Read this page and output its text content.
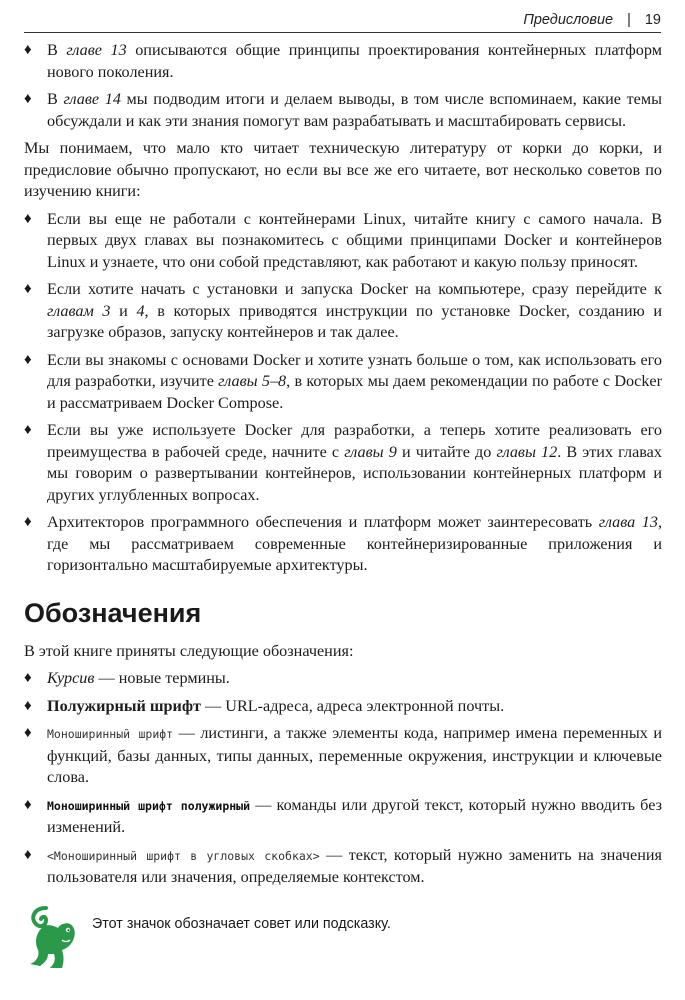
Предисловие | 19
♦ В главе 13 описываются общие принципы проектирования контейнерных платформ нового поколения.
♦ В главе 14 мы подводим итоги и делаем выводы, в том числе вспоминаем, какие темы обсуждали и как эти знания помогут вам разрабатывать и масштабировать сервисы.

Мы понимаем, что мало кто читает техническую литературу от корки до корки, и предисловие обычно пропускают, но если вы все же его читаете, вот несколько советов по изучению книги:

♦ Если вы еще не работали с контейнерами Linux, читайте книгу с самого начала. В первых двух главах вы познакомитесь с общими принципами Docker и контейнеров Linux и узнаете, что они собой представляют, как работают и какую пользу приносят.
♦ Если хотите начать с установки и запуска Docker на компьютере, сразу перейдите к главам 3 и 4, в которых приводятся инструкции по установке Docker, созданию и загрузке образов, запуску контейнеров и так далее.
♦ Если вы знакомы с основами Docker и хотите узнать больше о том, как использовать его для разработки, изучите главы 5–8, в которых мы даем рекомендации по работе с Docker и рассматриваем Docker Compose.
♦ Если вы уже используете Docker для разработки, а теперь хотите реализовать его преимущества в рабочей среде, начните с главы 9 и читайте до главы 12. В этих главах мы говорим о развертывании контейнеров, использовании контейнерных платформ и других углубленных вопросах.
♦ Архитекторов программного обеспечения и платформ может заинтересовать глава 13, где мы рассматриваем современные контейнеризированные приложения и горизонтально масштабируемые архитектуры.
Обозначения

В этой книге приняты следующие обозначения:

♦ Курсив — новые термины.
♦ Полужирный шрифт — URL-адреса, адреса электронной почты.
♦ Моноширинный шрифт — листинги, а также элементы кода, например имена переменных и функций, базы данных, типы данных, переменные окружения, инструкции и ключевые слова.
♦ Моноширинный шрифт полужирный — команды или другой текст, который нужно вводить без изменений.
♦ <Моноширинный шрифт в угловых скобках> — текст, который нужно заменить на значения пользователя или значения, определяемые контекстом.
Этот значок обозначает совет или подсказку.
